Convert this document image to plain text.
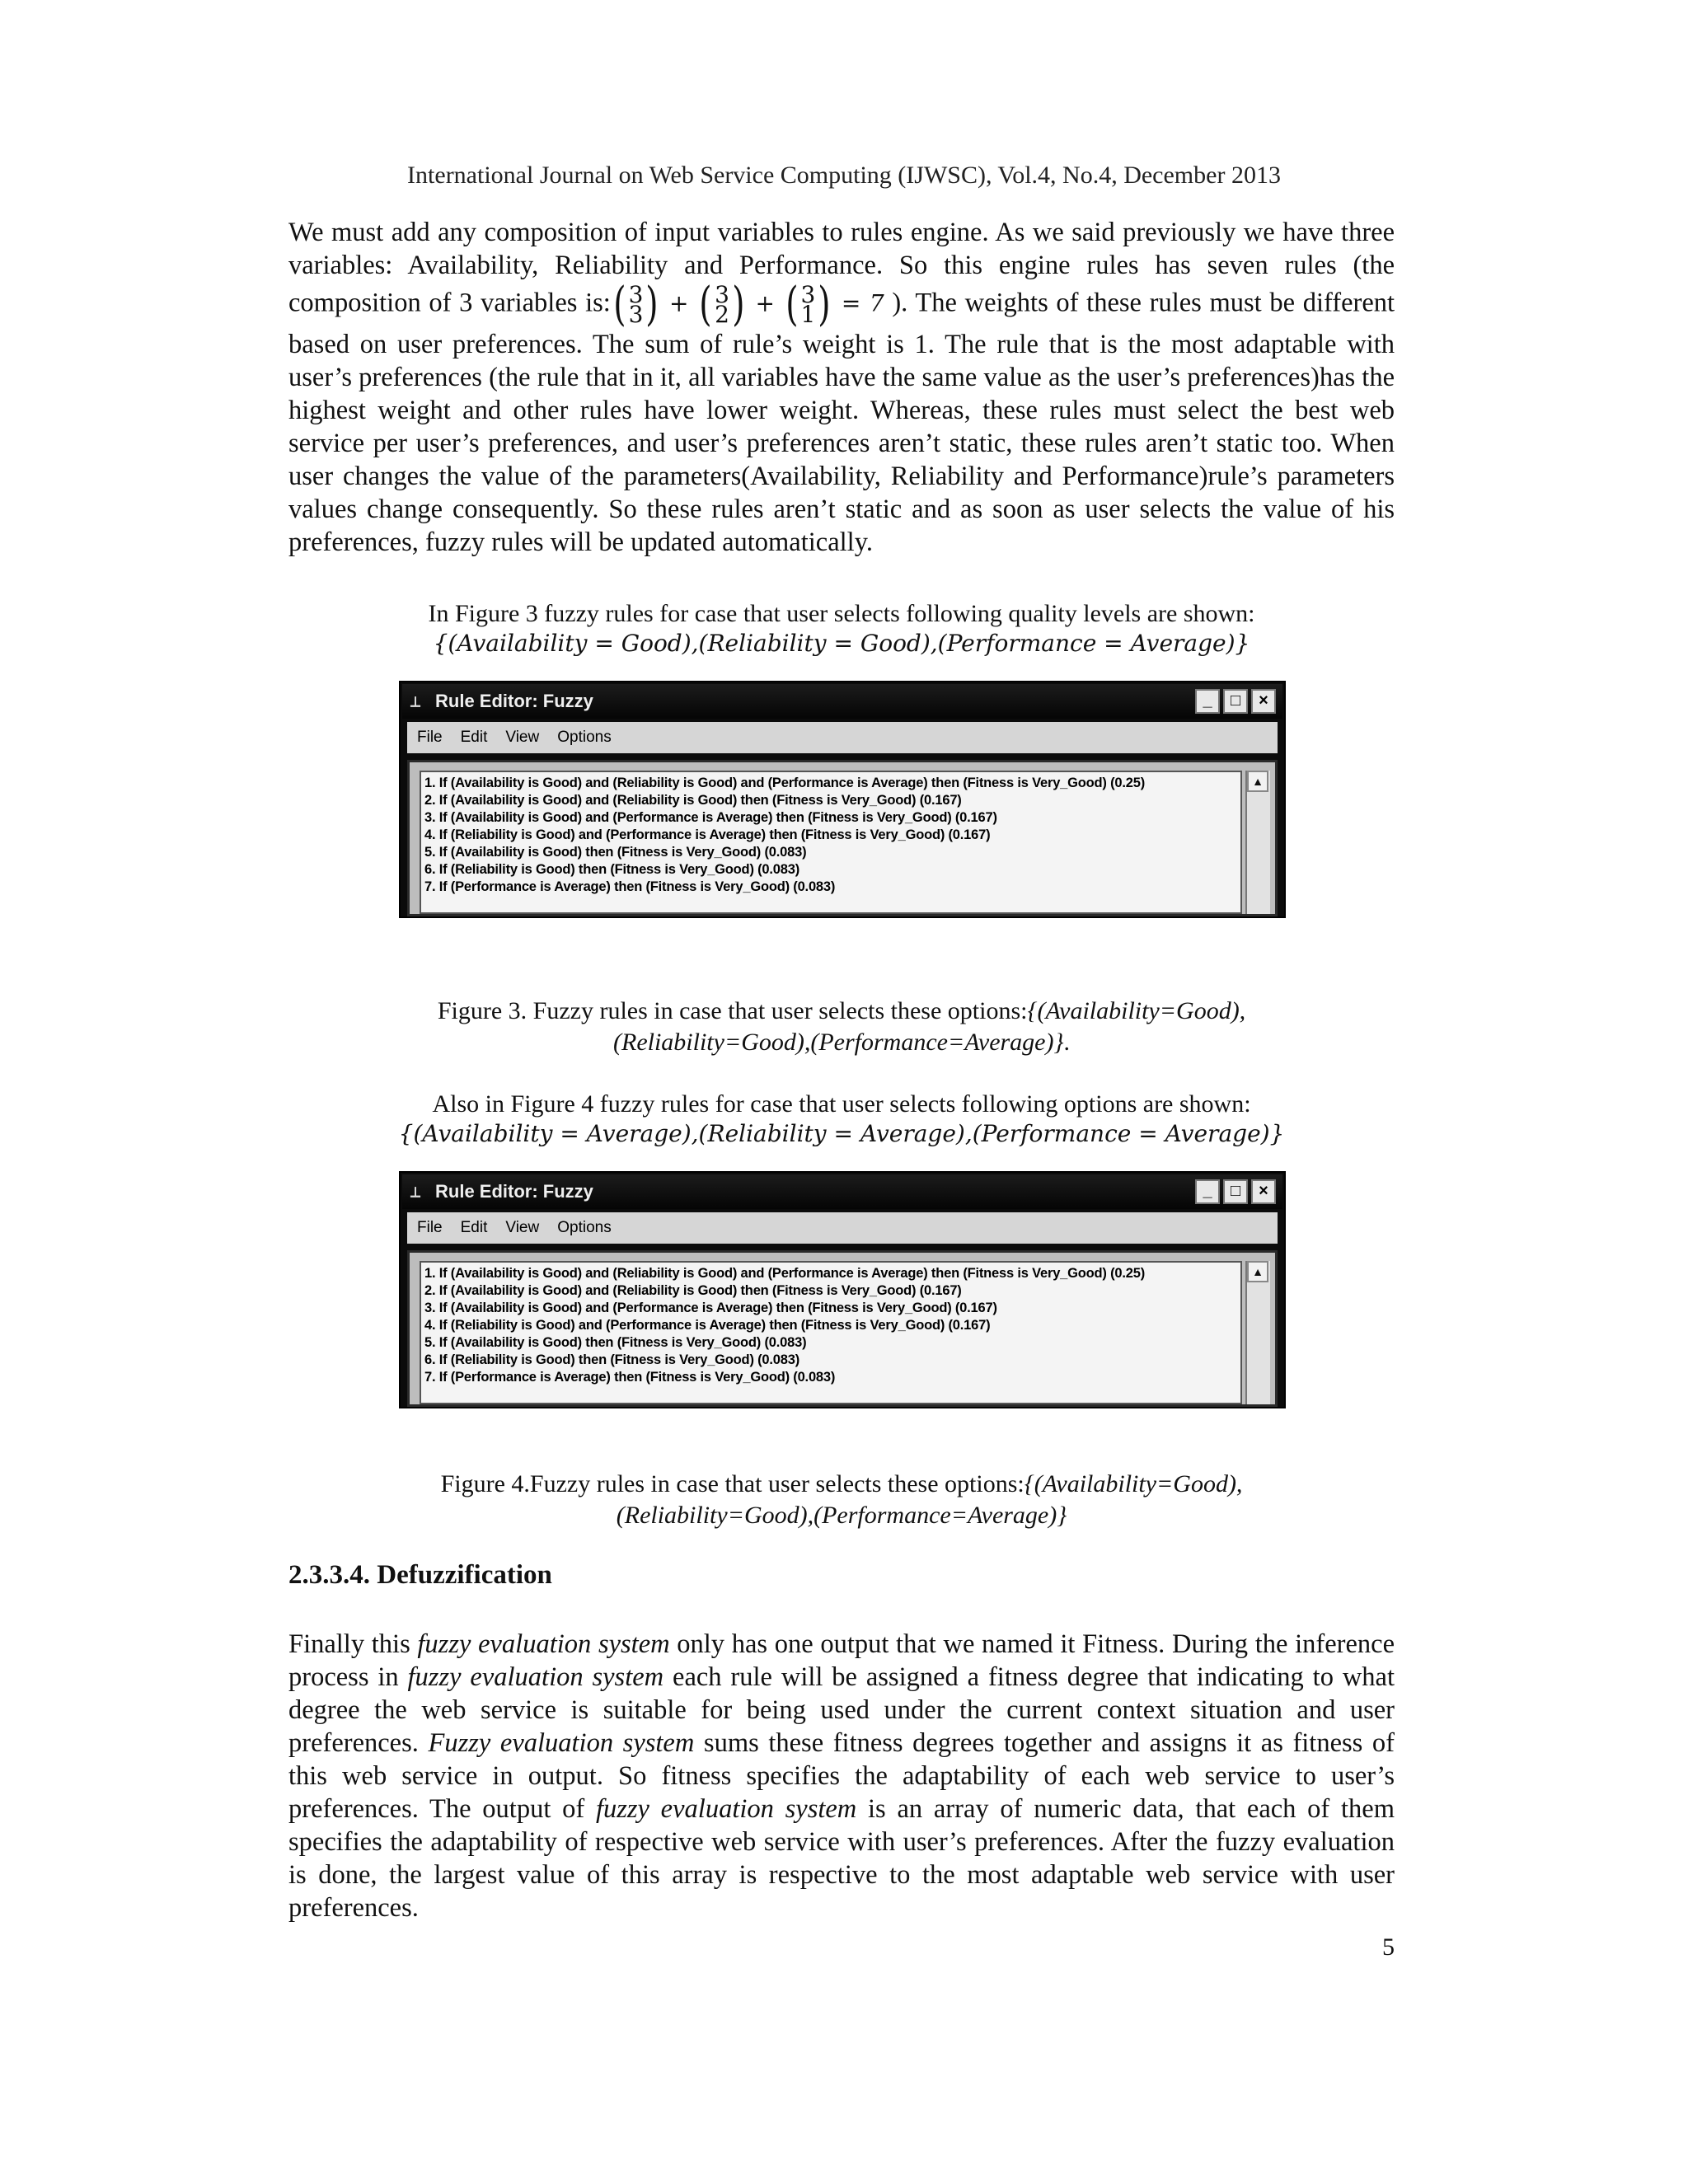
International Journal on Web Service Computing (IJWSC), Vol.4, No.4, December 2013

We must add any composition of input variables to rules engine. As we said previously we have three variables: Availability, Reliability and Performance. So this engine rules has seven rules (the composition of 3 variables is:( 3
3 ) + ( 3
2 ) + ( 3
1 ) = 7 ). The weights of these rules must be different based on user preferences. The sum of rule’s weight is 1. The rule that is the most adaptable with user’s preferences (the rule that in it, all variables have the same value as the user’s preferences)has the highest weight and other rules have lower weight. Whereas, these rules must select the best web service per user’s preferences, and user’s preferences aren’t static, these rules aren’t static too. When user changes the value of the parameters(Availability, Reliability and Performance)rule’s parameters values change consequently. So these rules aren’t static and as soon as user selects the value of his preferences, fuzzy rules will be updated automatically.

In Figure 3 fuzzy rules for case that user selects following quality levels are shown:
{(Availability = Good),(Reliability = Good),(Performance = Average)}

⟂ Rule Editor: Fuzzy	_	□	×
File Edit View Options
1. If (Availability is Good) and (Reliability is Good) and (Performance is Average) then (Fitness is Very_Good) (0.25)
2. If (Availability is Good) and (Reliability is Good) then (Fitness is Very_Good) (0.167)
3. If (Availability is Good) and (Performance is Average) then (Fitness is Very_Good) (0.167)
4. If (Reliability is Good) and (Performance is Average) then (Fitness is Very_Good) (0.167)
5. If (Availability is Good) then (Fitness is Very_Good) (0.083)
6. If (Reliability is Good) then (Fitness is Very_Good) (0.083)
7. If (Performance is Average) then (Fitness is Very_Good) (0.083)
▲

Figure 3. Fuzzy rules in case that user selects these options:{(Availability=Good),
(Reliability=Good),(Performance=Average)}.

Also in Figure 4 fuzzy rules for case that user selects following options are shown:
{(Availability = Average),(Reliability = Average),(Performance = Average)}

⟂ Rule Editor: Fuzzy	_	□	×
File Edit View Options
1. If (Availability is Good) and (Reliability is Good) and (Performance is Average) then (Fitness is Very_Good) (0.25)
2. If (Availability is Good) and (Reliability is Good) then (Fitness is Very_Good) (0.167)
3. If (Availability is Good) and (Performance is Average) then (Fitness is Very_Good) (0.167)
4. If (Reliability is Good) and (Performance is Average) then (Fitness is Very_Good) (0.167)
5. If (Availability is Good) then (Fitness is Very_Good) (0.083)
6. If (Reliability is Good) then (Fitness is Very_Good) (0.083)
7. If (Performance is Average) then (Fitness is Very_Good) (0.083)
▲

Figure 4.Fuzzy rules in case that user selects these options:{(Availability=Good),
(Reliability=Good),(Performance=Average)}

2.3.3.4. Defuzzification

Finally this fuzzy evaluation system only has one output that we named it Fitness. During the inference process in fuzzy evaluation system each rule will be assigned a fitness degree that indicating to what degree the web service is suitable for being used under the current context situation and user preferences. Fuzzy evaluation system sums these fitness degrees together and assigns it as fitness of this web service in output. So fitness specifies the adaptability of each web service to user’s preferences. The output of fuzzy evaluation system is an array of numeric data, that each of them specifies the adaptability of respective web service with user’s preferences. After the fuzzy evaluation is done, the largest value of this array is respective to the most adaptable web service with user preferences.

5
